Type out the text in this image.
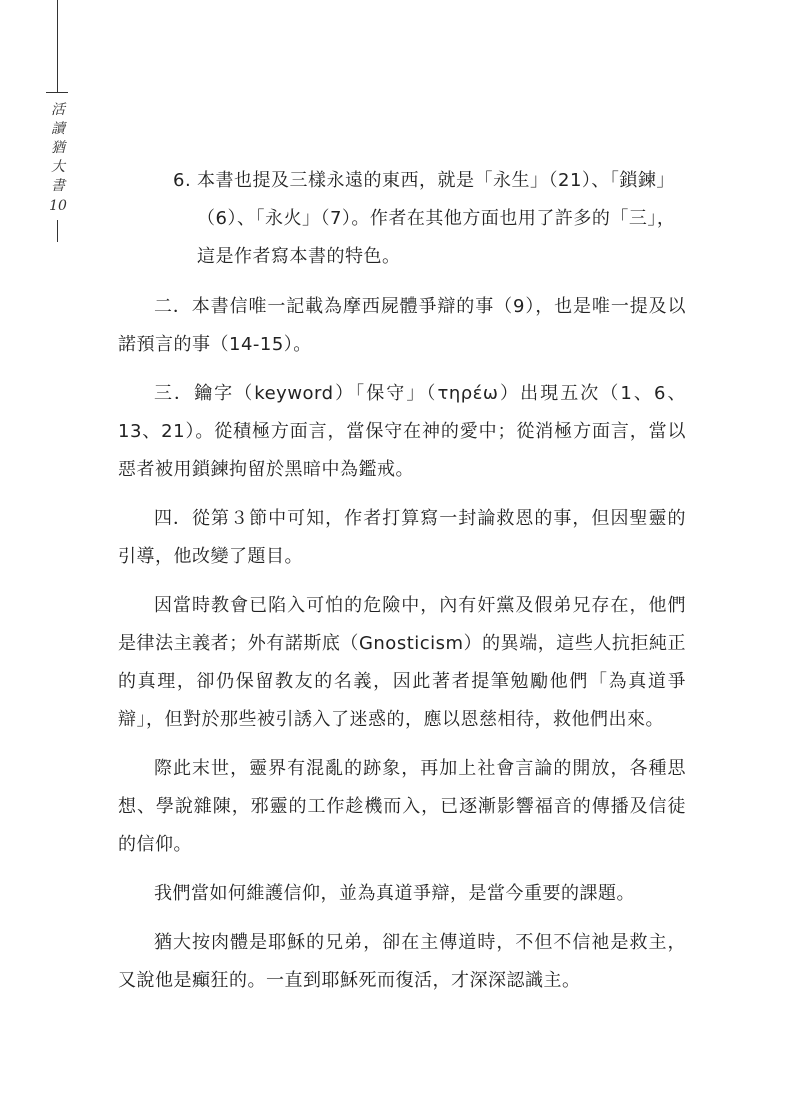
活
讀
猶
大
書
10
6. 本書也提及三樣永遠的東西，就是「永生」（21）、「鎖鍊」（6）、「永火」（7）。作者在其他方面也用了許多的「三」，這是作者寫本書的特色。

二．本書信唯一記載為摩西屍體爭辯的事（9），也是唯一提及以諾預言的事（14-15）。

三．鑰字（keyword）「保守」（τηρέω）出現五次（1、6、13、21）。從積極方面言，當保守在神的愛中；從消極方面言，當以惡者被用鎖鍊拘留於黑暗中為鑑戒。

四．從第３節中可知，作者打算寫一封論救恩的事，但因聖靈的引導，他改變了題目。

因當時教會已陷入可怕的危險中，內有奸黨及假弟兄存在，他們是律法主義者；外有諾斯底（Gnosticism）的異端，這些人抗拒純正的真理，卻仍保留教友的名義，因此著者提筆勉勵他們「為真道爭辯」，但對於那些被引誘入了迷惑的，應以恩慈相待，救他們出來。

際此末世，靈界有混亂的跡象，再加上社會言論的開放，各種思想、學說雜陳，邪靈的工作趁機而入，已逐漸影響福音的傳播及信徒的信仰。

我們當如何維護信仰，並為真道爭辯，是當今重要的課題。

猶大按肉體是耶穌的兄弟，卻在主傳道時，不但不信祂是救主，又說他是癲狂的。一直到耶穌死而復活，才深深認識主。
